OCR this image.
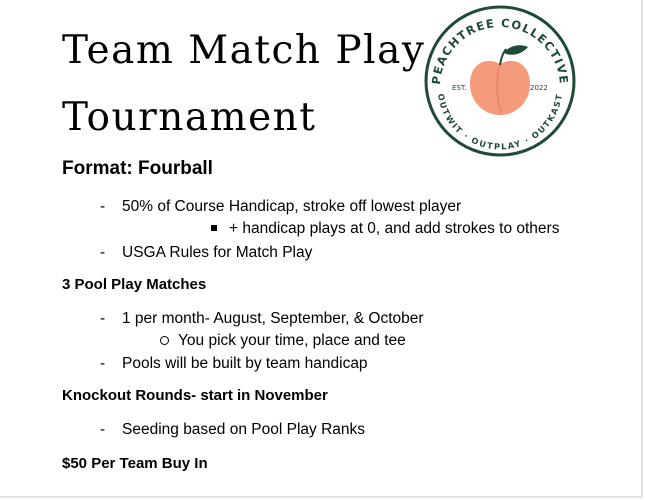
Team Match Play
Tournament
PEACHTREE COLLECTIVE
OUTWIT · OUTPLAY · OUTKAST
EST.	2022
Format: Fourball
- 50% of Course Handicap, stroke off lowest player
+ handicap plays at 0, and add strokes to others
- USGA Rules for Match Play
3 Pool Play Matches
- 1 per month- August, September, & October
You pick your time, place and tee
- Pools will be built by team handicap
Knockout Rounds- start in November
- Seeding based on Pool Play Ranks
$50 Per Team Buy In
